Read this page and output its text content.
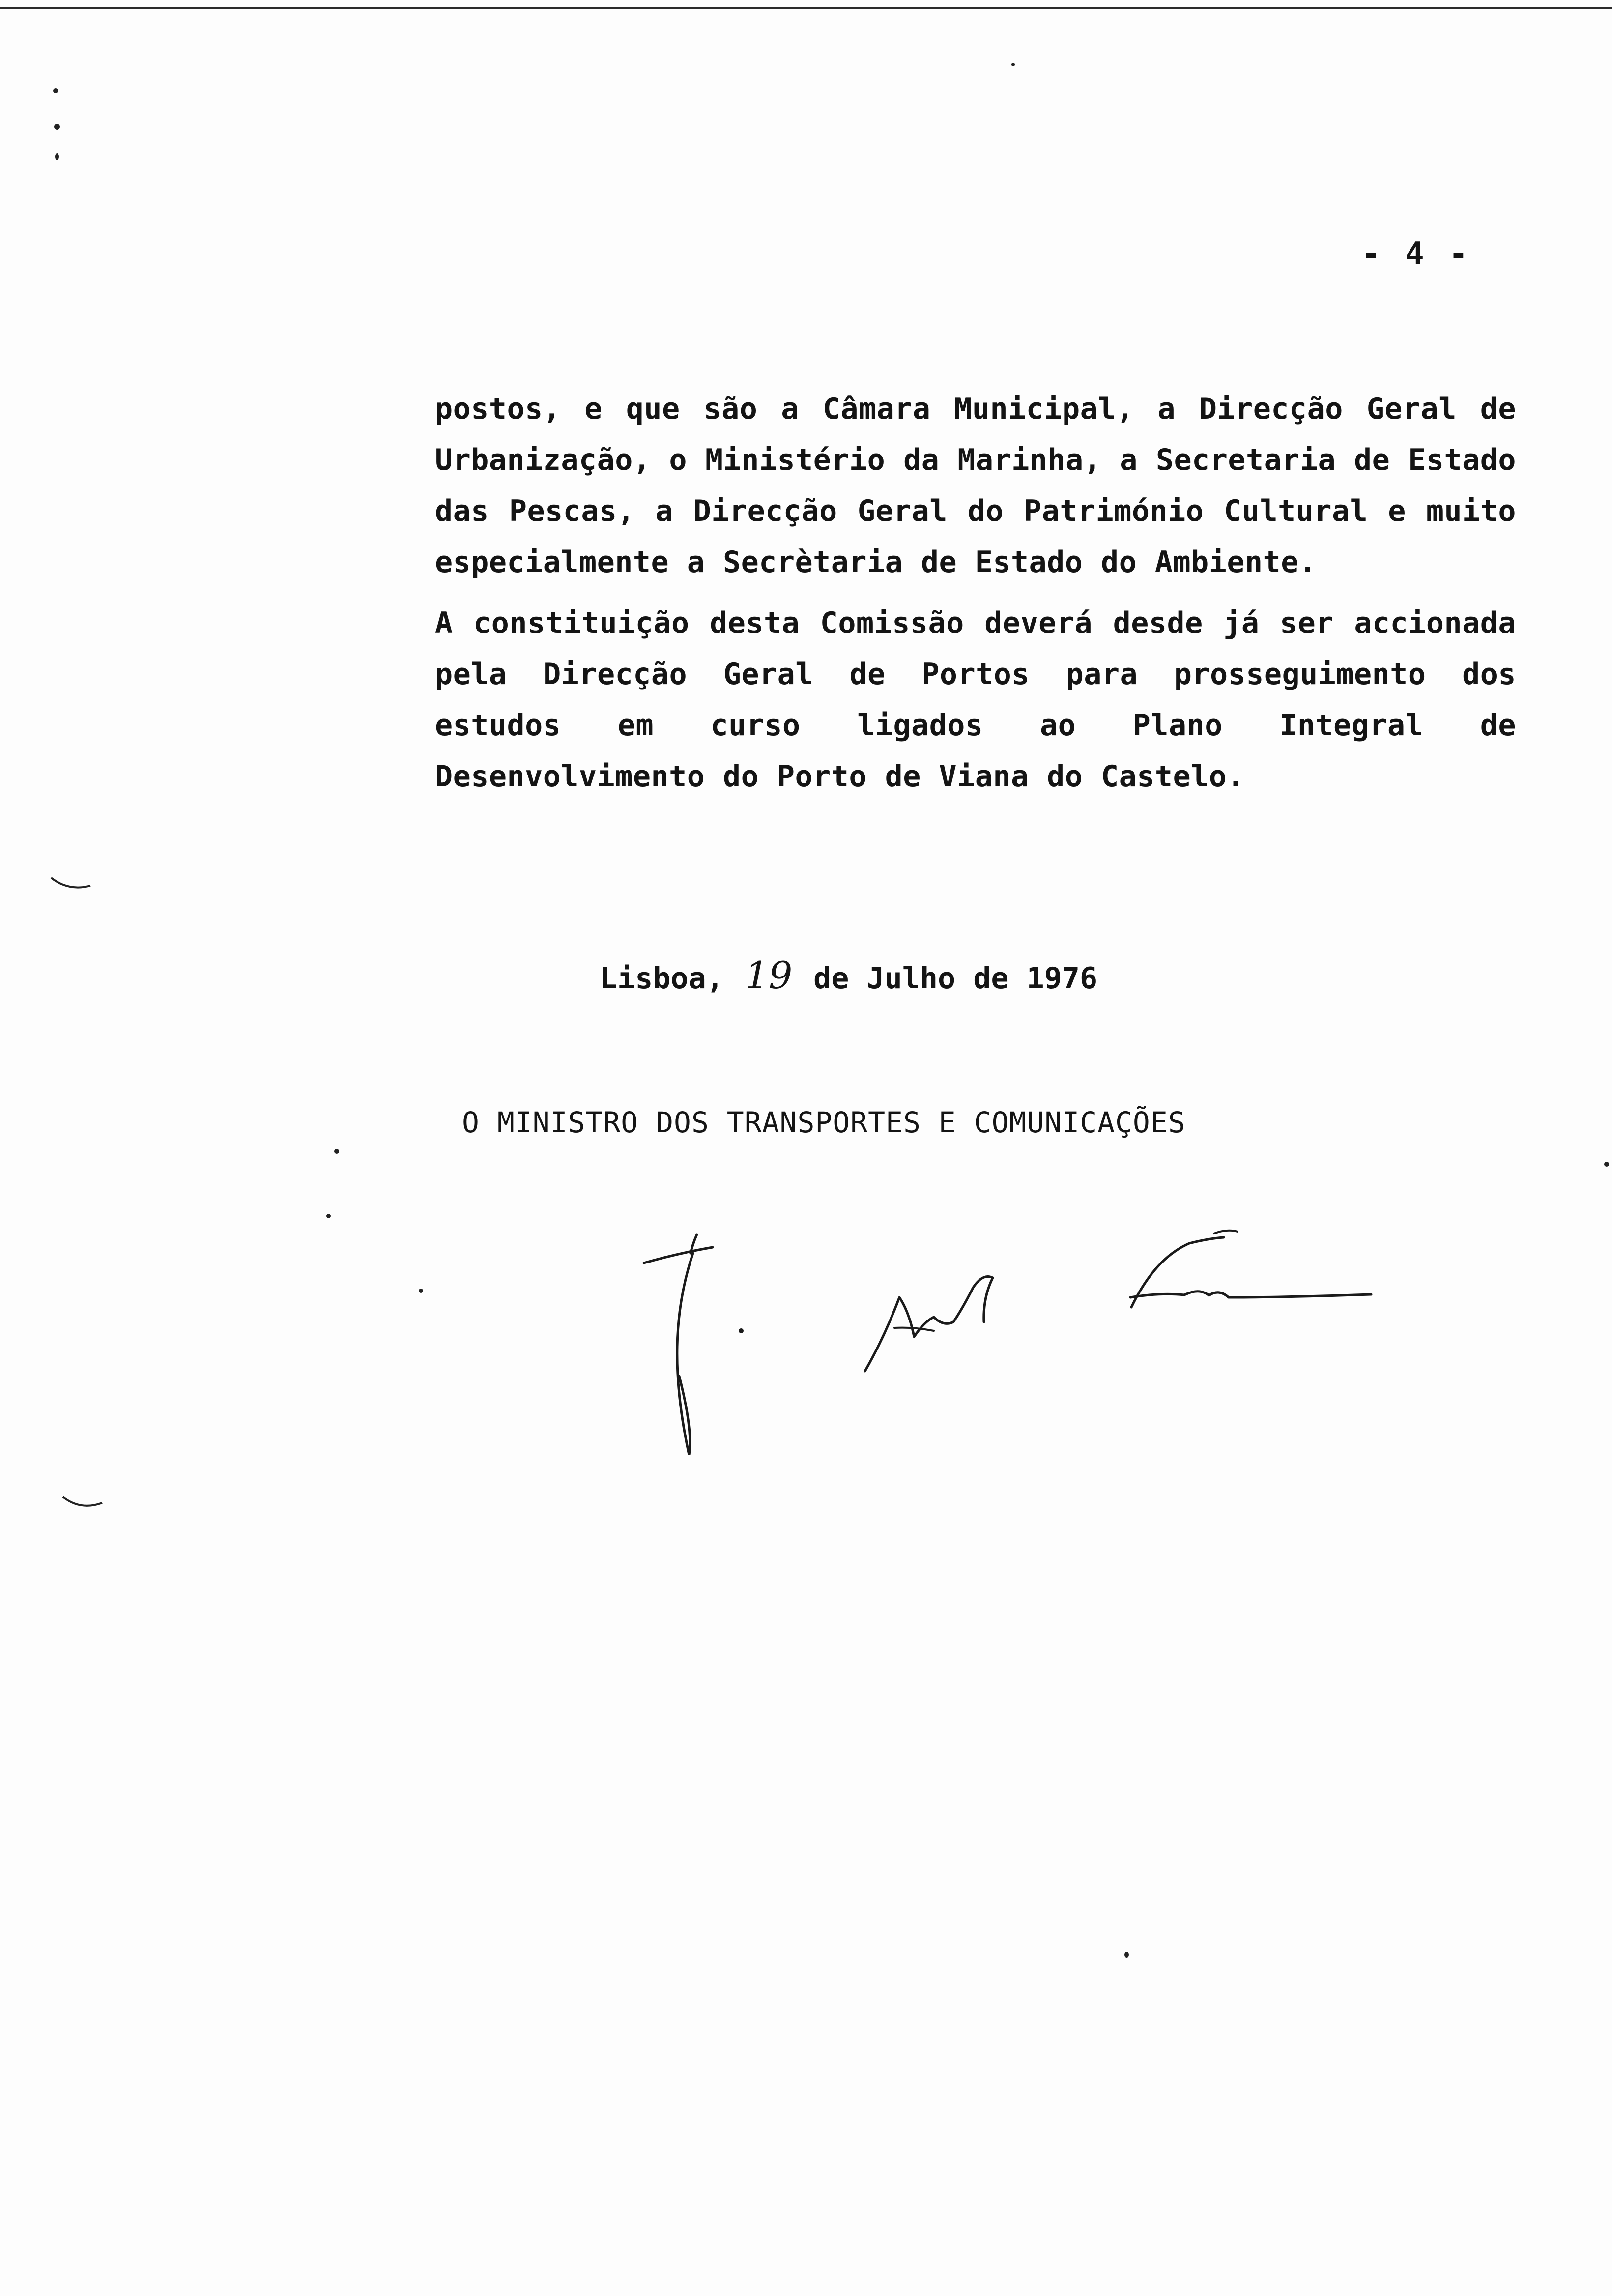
- 4 -

postos, e que são a Câmara Municipal, a Direcção Geral de Urbanização, o Ministério da Marinha, a Secretaria de Estado das Pescas, a Direcção Geral do Património Cultural e muito especialmente a Secrètaria de Estado do Ambiente.

A constituição desta Comissão deverá desde já ser accionada pela Direcção Geral de Portos para prosseguimento dos estudos em curso ligados ao Plano Integral de Desenvolvimento do Porto de Viana do Castelo.

Lisboa, 19 de Julho de 1976
O MINISTRO DOS TRANSPORTES E COMUNICAÇÕES
